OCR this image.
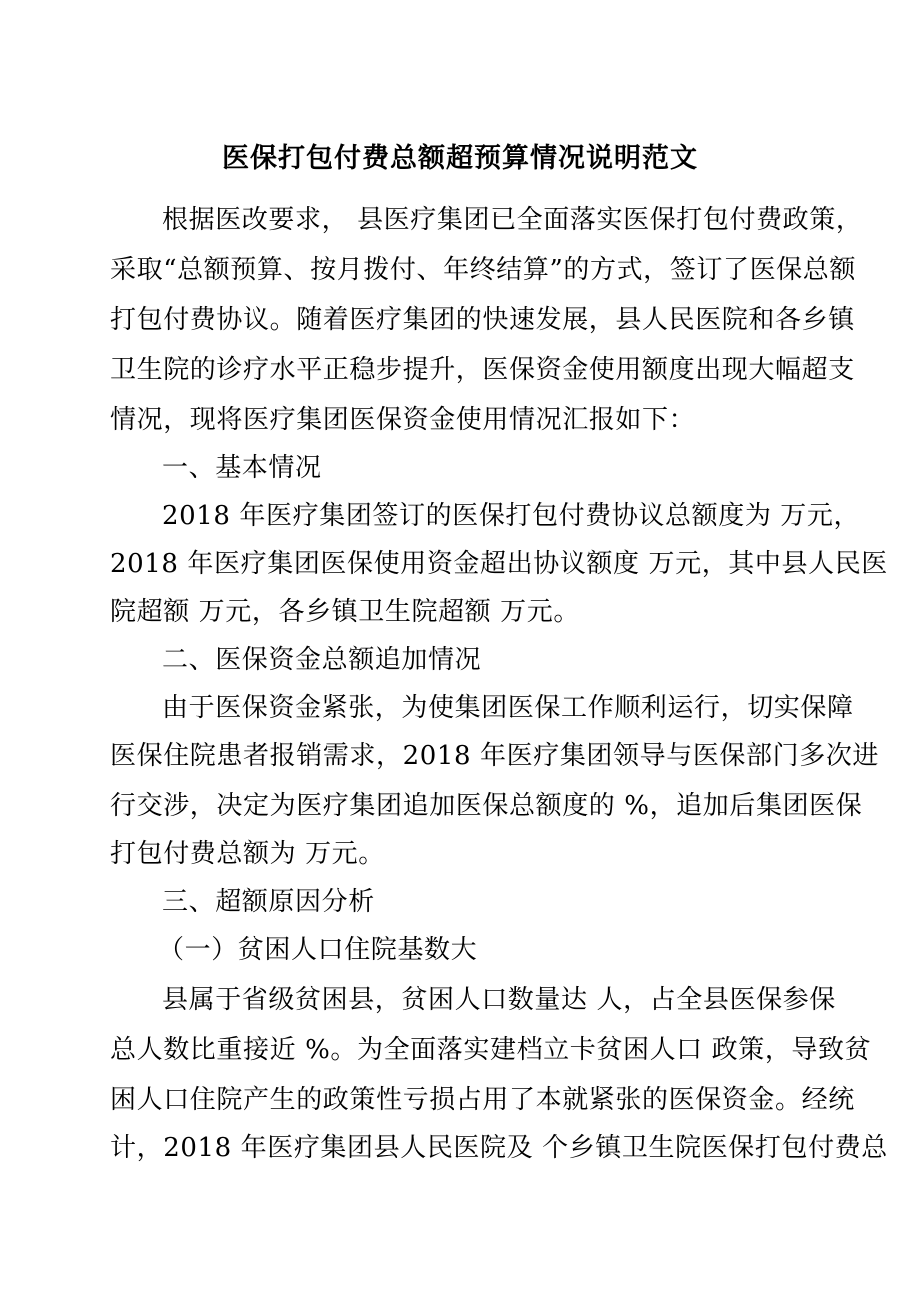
医保打包付费总额超预算情况说明范文
根据医改要求， 县医疗集团已全面落实医保打包付费政策，
采取“总额预算、按月拨付、年终结算”的方式，签订了医保总额
打包付费协议。随着医疗集团的快速发展，县人民医院和各乡镇
卫生院的诊疗水平正稳步提升，医保资金使用额度出现大幅超支
情况，现将医疗集团医保资金使用情况汇报如下：
一、基本情况
2018 年医疗集团签订的医保打包付费协议总额度为 万元，
2018 年医疗集团医保使用资金超出协议额度 万元，其中县人民医
院超额 万元，各乡镇卫生院超额 万元。
二、医保资金总额追加情况
由于医保资金紧张，为使集团医保工作顺利运行，切实保障
医保住院患者报销需求，2018 年医疗集团领导与医保部门多次进
行交涉，决定为医疗集团追加医保总额度的 %，追加后集团医保
打包付费总额为 万元。
三、超额原因分析
（一）贫困人口住院基数大
县属于省级贫困县，贫困人口数量达 人，占全县医保参保
总人数比重接近 %。为全面落实建档立卡贫困人口 政策，导致贫
困人口住院产生的政策性亏损占用了本就紧张的医保资金。经统
计，2018 年医疗集团县人民医院及 个乡镇卫生院医保打包付费总
